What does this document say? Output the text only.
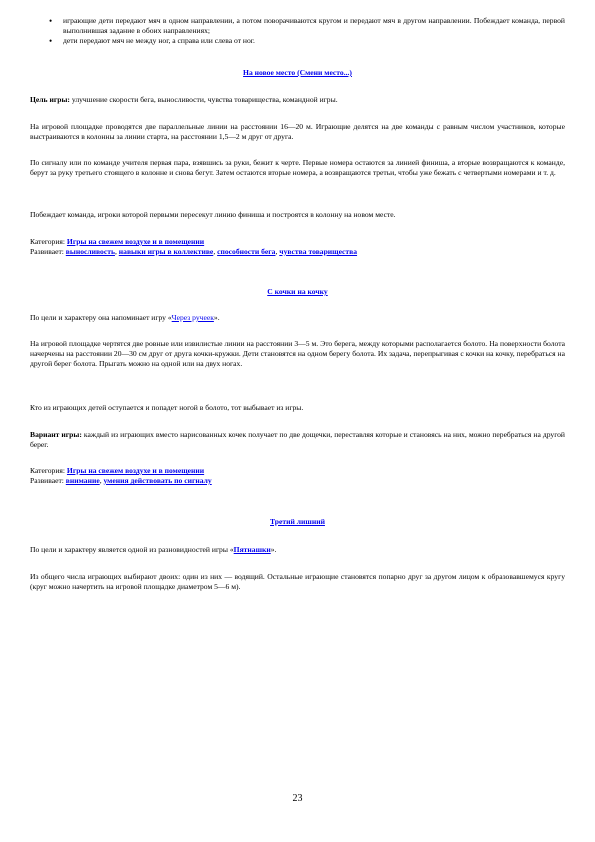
• играющие дети передают мяч в одном направлении, а потом поворачиваются кругом и передают мяч в другом направлении. Побеждает команда, первой выполнившая задание в обоих направлениях;
• дети передают мяч не между ног, а справа или слева от ног.
На новое место (Смени место...)

Цель игры: улучшение скорости бега, выносливости, чувства товарищества, командной игры.

На игровой площадке проводятся две параллельные линии на расстоянии 16—20 м. Играющие делятся на две команды с равным числом участников, которые выстраиваются в колонны за линии старта, на расстоянии 1,5—2 м друг от друга.

По сигналу или по команде учителя первая пара, взявшись за руки, бежит к черте. Первые номера остаются за линией финиша, а вторые возвращаются к команде, берут за руку третьего стоящего в колонне и снова бегут. Затем остаются вторые номера, а возвращаются третьи, чтобы уже бежать с четвертыми номерами и т. д.

Побеждает команда, игроки которой первыми пересекут линию финиша и построятся в колонну на новом месте.

Категория: Игры на свежем воздухе и в помещении

Развивает: выносливость, навыки игры в коллективе, способности бега, чувства товарищества

С кочки на кочку

По цели и характеру она напоминает игру «Через ручеек».

На игровой площадке чертятся две ровные или извилистые линии на расстоянии 3—5 м. Это берега, между которыми располагается болото. На поверхности болота начерчены на расстоянии 20—30 см друг от друга кочки-кружки. Дети становятся на одном берегу болота. Их задача, перепрыгивая с кочки на кочку, перебраться на другой берег болота. Прыгать можно на одной или на двух ногах.

Кто из играющих детей оступается и попадет ногой в болото, тот выбывает из игры.

Вариант игры: каждый из играющих вместо нарисованных кочек получает по две дощечки, переставляя которые и становясь на них, можно перебраться на другой берег.

Категория: Игры на свежем воздухе и в помещении

Развивает: внимание, умения действовать по сигналу

Третий лишний

По цели и характеру является одной из разновидностей игры «Пятнашки».

Из общего числа играющих выбирают двоих: один из них — водящий. Остальные играющие становятся попарно друг за другом лицом к образовавшемуся кругу (круг можно начертить на игровой площадке диаметром 5—6 м).

23
